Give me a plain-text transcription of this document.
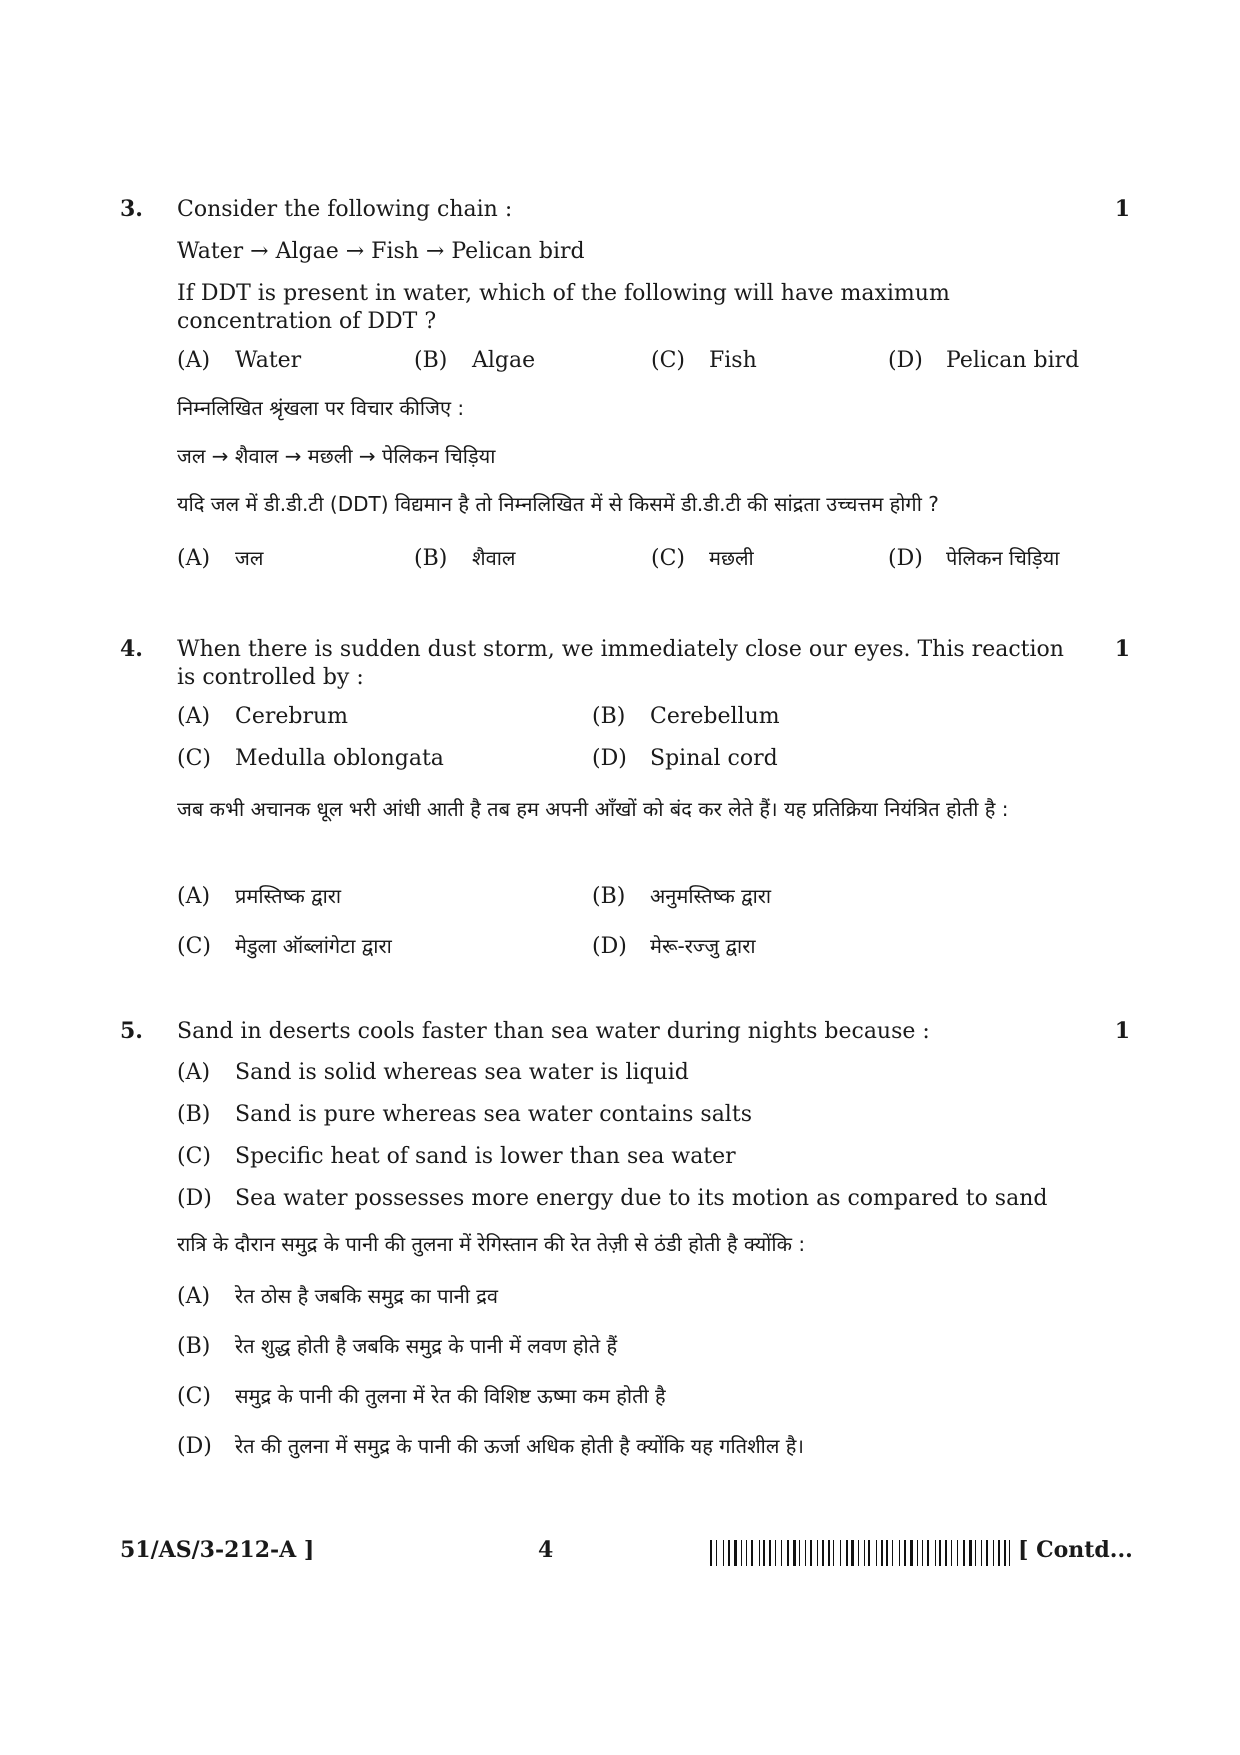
3.	1
Consider the following chain :
Water → Algae → Fish → Pelican bird
If DDT is present in water, which of the following will have maximum concentration of DDT ?
(A) Water	(B) Algae	(C) Fish	(D) Pelican bird
निम्नलिखित श्रृंखला पर विचार कीजिए :
जल → शैवाल → मछली → पेलिकन चिड़िया
यदि जल में डी.डी.टी (DDT) विद्यमान है तो निम्नलिखित में से किसमें डी.डी.टी की सांद्रता उच्चत्तम होगी ?
(A) जल	(B) शैवाल	(C) मछली	(D) पेलिकन चिड़िया
4.	1
When there is sudden dust storm, we immediately close our eyes. This reaction is controlled by :
(A) Cerebrum	(B) Cerebellum
(C) Medulla oblongata	(D) Spinal cord
जब कभी अचानक धूल भरी आंधी आती है तब हम अपनी आँखों को बंद कर लेते हैं। यह प्रतिक्रिया नियंत्रित होती है :
(A) प्रमस्तिष्क द्वारा	(B) अनुमस्तिष्क द्वारा
(C) मेडुला ऑब्लांगेटा द्वारा	(D) मेरू-रज्जु द्वारा
5.	1
Sand in deserts cools faster than sea water during nights because :
(A) Sand is solid whereas sea water is liquid
(B) Sand is pure whereas sea water contains salts
(C) Specific heat of sand is lower than sea water
(D) Sea water possesses more energy due to its motion as compared to sand
रात्रि के दौरान समुद्र के पानी की तुलना में रेगिस्तान की रेत तेज़ी से ठंडी होती है क्योंकि :
(A) रेत ठोस है जबकि समुद्र का पानी द्रव
(B) रेत शुद्ध होती है जबकि समुद्र के पानी में लवण होते हैं
(C) समुद्र के पानी की तुलना में रेत की विशिष्ट ऊष्मा कम होती है
(D) रेत की तुलना में समुद्र के पानी की ऊर्जा अधिक होती है क्योंकि यह गतिशील है।
51/AS/3-212-A ]	4	[ Contd...
